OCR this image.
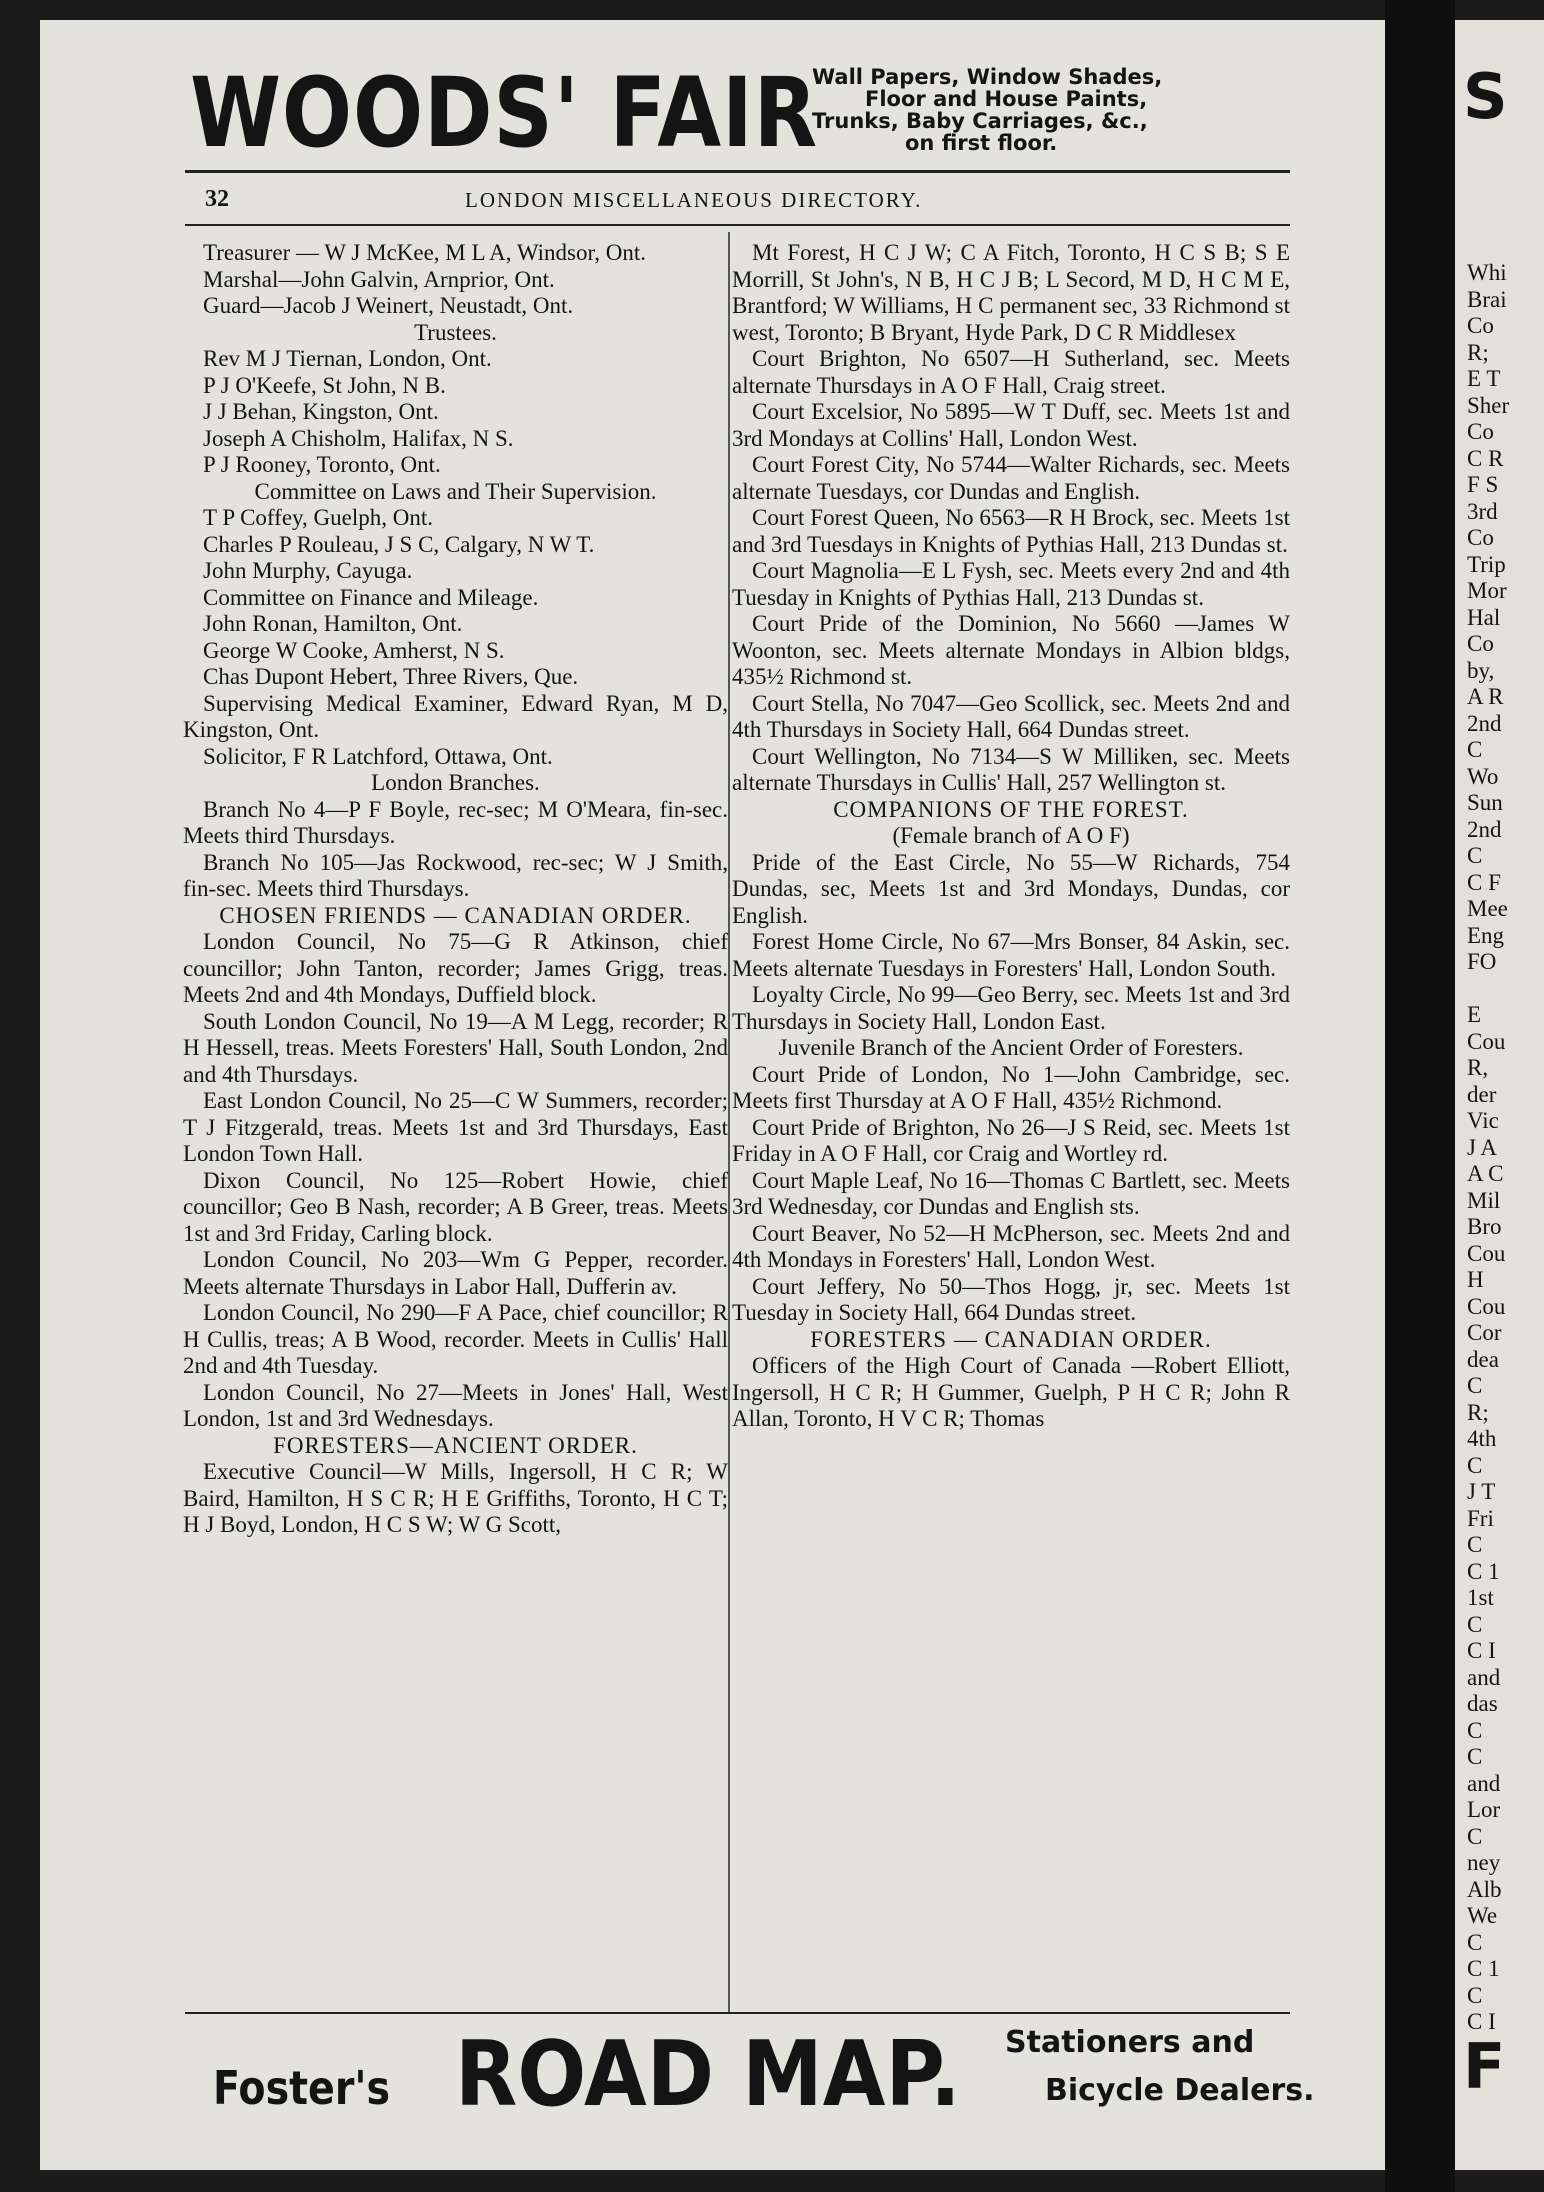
S
Whi
Brai
Co
R;
E T
Sher
Co
C R
F S
3rd
Co
Trip
Mor
Hal
Co
by,
A R
2nd
C
Wo
Sun
2nd
C
C F
Mee
Eng
FO
E
Cou
R,
der
Vic
J A
A C
Mil
Bro
Cou
H
Cou
Cor
dea
C
R;
4th
C
J T
Fri
C
C 1
1st
C
C I
and
das
C
C
and
Lor
C
ney
Alb
We
C
C 1
C
C I
F
WOODS' FAIR
Wall Papers, Window Shades,
Floor and House Paints,
Trunks, Baby Carriages, &c.,
on first floor.
32	LONDON MISCELLANEOUS DIRECTORY.

Treasurer — W J McKee, M L A, Windsor, Ont.

Marshal—John Galvin, Arnprior, Ont.

Guard—Jacob J Weinert, Neustadt, Ont.

Trustees.

Rev M J Tiernan, London, Ont.

P J O'Keefe, St John, N B.

J J Behan, Kingston, Ont.

Joseph A Chisholm, Halifax, N S.

P J Rooney, Toronto, Ont.

Committee on Laws and Their Supervision.

T P Coffey, Guelph, Ont.

Charles P Rouleau, J S C, Calgary, N W T.

John Murphy, Cayuga.

Committee on Finance and Mileage.

John Ronan, Hamilton, Ont.

George W Cooke, Amherst, N S.

Chas Dupont Hebert, Three Rivers, Que.

Supervising Medical Examiner, Edward Ryan, M D, Kingston, Ont.

Solicitor, F R Latchford, Ottawa, Ont.

London Branches.

Branch No 4—P F Boyle, rec-sec; M O'Meara, fin-sec. Meets third Thursdays.

Branch No 105—Jas Rockwood, rec-sec; W J Smith, fin-sec. Meets third Thursdays.

CHOSEN FRIENDS — CANADIAN ORDER.

London Council, No 75—G R Atkinson, chief councillor; John Tanton, recorder; James Grigg, treas. Meets 2nd and 4th Mondays, Duffield block.

South London Council, No 19—A M Legg, recorder; R H Hessell, treas. Meets Foresters' Hall, South London, 2nd and 4th Thursdays.

East London Council, No 25—C W Summers, recorder; T J Fitzgerald, treas. Meets 1st and 3rd Thursdays, East London Town Hall.

Dixon Council, No 125—Robert Howie, chief councillor; Geo B Nash, recorder; A B Greer, treas. Meets 1st and 3rd Friday, Carling block.

London Council, No 203—Wm G Pepper, recorder. Meets alternate Thursdays in Labor Hall, Dufferin av.

London Council, No 290—F A Pace, chief councillor; R H Cullis, treas; A B Wood, recorder. Meets in Cullis' Hall 2nd and 4th Tuesday.

London Council, No 27—Meets in Jones' Hall, West London, 1st and 3rd Wednesdays.

FORESTERS—ANCIENT ORDER.

Executive Council—W Mills, Ingersoll, H C R; W Baird, Hamilton, H S C R; H E Griffiths, Toronto, H C T; H J Boyd, London, H C S W; W G Scott,

Mt Forest, H C J W; C A Fitch, Toronto, H C S B; S E Morrill, St John's, N B, H C J B; L Secord, M D, H C M E, Brantford; W Williams, H C permanent sec, 33 Richmond st west, Toronto; B Bryant, Hyde Park, D C R Middlesex

Court Brighton, No 6507—H Sutherland, sec. Meets alternate Thursdays in A O F Hall, Craig street.

Court Excelsior, No 5895—W T Duff, sec. Meets 1st and 3rd Mondays at Collins' Hall, London West.

Court Forest City, No 5744—Walter Richards, sec. Meets alternate Tuesdays, cor Dundas and English.

Court Forest Queen, No 6563—R H Brock, sec. Meets 1st and 3rd Tuesdays in Knights of Pythias Hall, 213 Dundas st.

Court Magnolia—E L Fysh, sec. Meets every 2nd and 4th Tuesday in Knights of Pythias Hall, 213 Dundas st.

Court Pride of the Dominion, No 5660 —James W Woonton, sec. Meets alternate Mondays in Albion bldgs, 435½ Richmond st.

Court Stella, No 7047—Geo Scollick, sec. Meets 2nd and 4th Thursdays in Society Hall, 664 Dundas street.

Court Wellington, No 7134—S W Milliken, sec. Meets alternate Thursdays in Cullis' Hall, 257 Wellington st.

COMPANIONS OF THE FOREST.

(Female branch of A O F)

Pride of the East Circle, No 55—W Richards, 754 Dundas, sec, Meets 1st and 3rd Mondays, Dundas, cor English.

Forest Home Circle, No 67—Mrs Bonser, 84 Askin, sec. Meets alternate Tuesdays in Foresters' Hall, London South.

Loyalty Circle, No 99—Geo Berry, sec. Meets 1st and 3rd Thursdays in Society Hall, London East.

Juvenile Branch of the Ancient Order of Foresters.

Court Pride of London, No 1—John Cambridge, sec. Meets first Thursday at A O F Hall, 435½ Richmond.

Court Pride of Brighton, No 26—J S Reid, sec. Meets 1st Friday in A O F Hall, cor Craig and Wortley rd.

Court Maple Leaf, No 16—Thomas C Bartlett, sec. Meets 3rd Wednesday, cor Dundas and English sts.

Court Beaver, No 52—H McPherson, sec. Meets 2nd and 4th Mondays in Foresters' Hall, London West.

Court Jeffery, No 50—Thos Hogg, jr, sec. Meets 1st Tuesday in Society Hall, 664 Dundas street.

FORESTERS — CANADIAN ORDER.

Officers of the High Court of Canada —Robert Elliott, Ingersoll, H C R; H Gummer, Guelph, P H C R; John R Allan, Toronto, H V C R; Thomas

Foster's ROAD MAP. Stationers and
Bicycle Dealers.
